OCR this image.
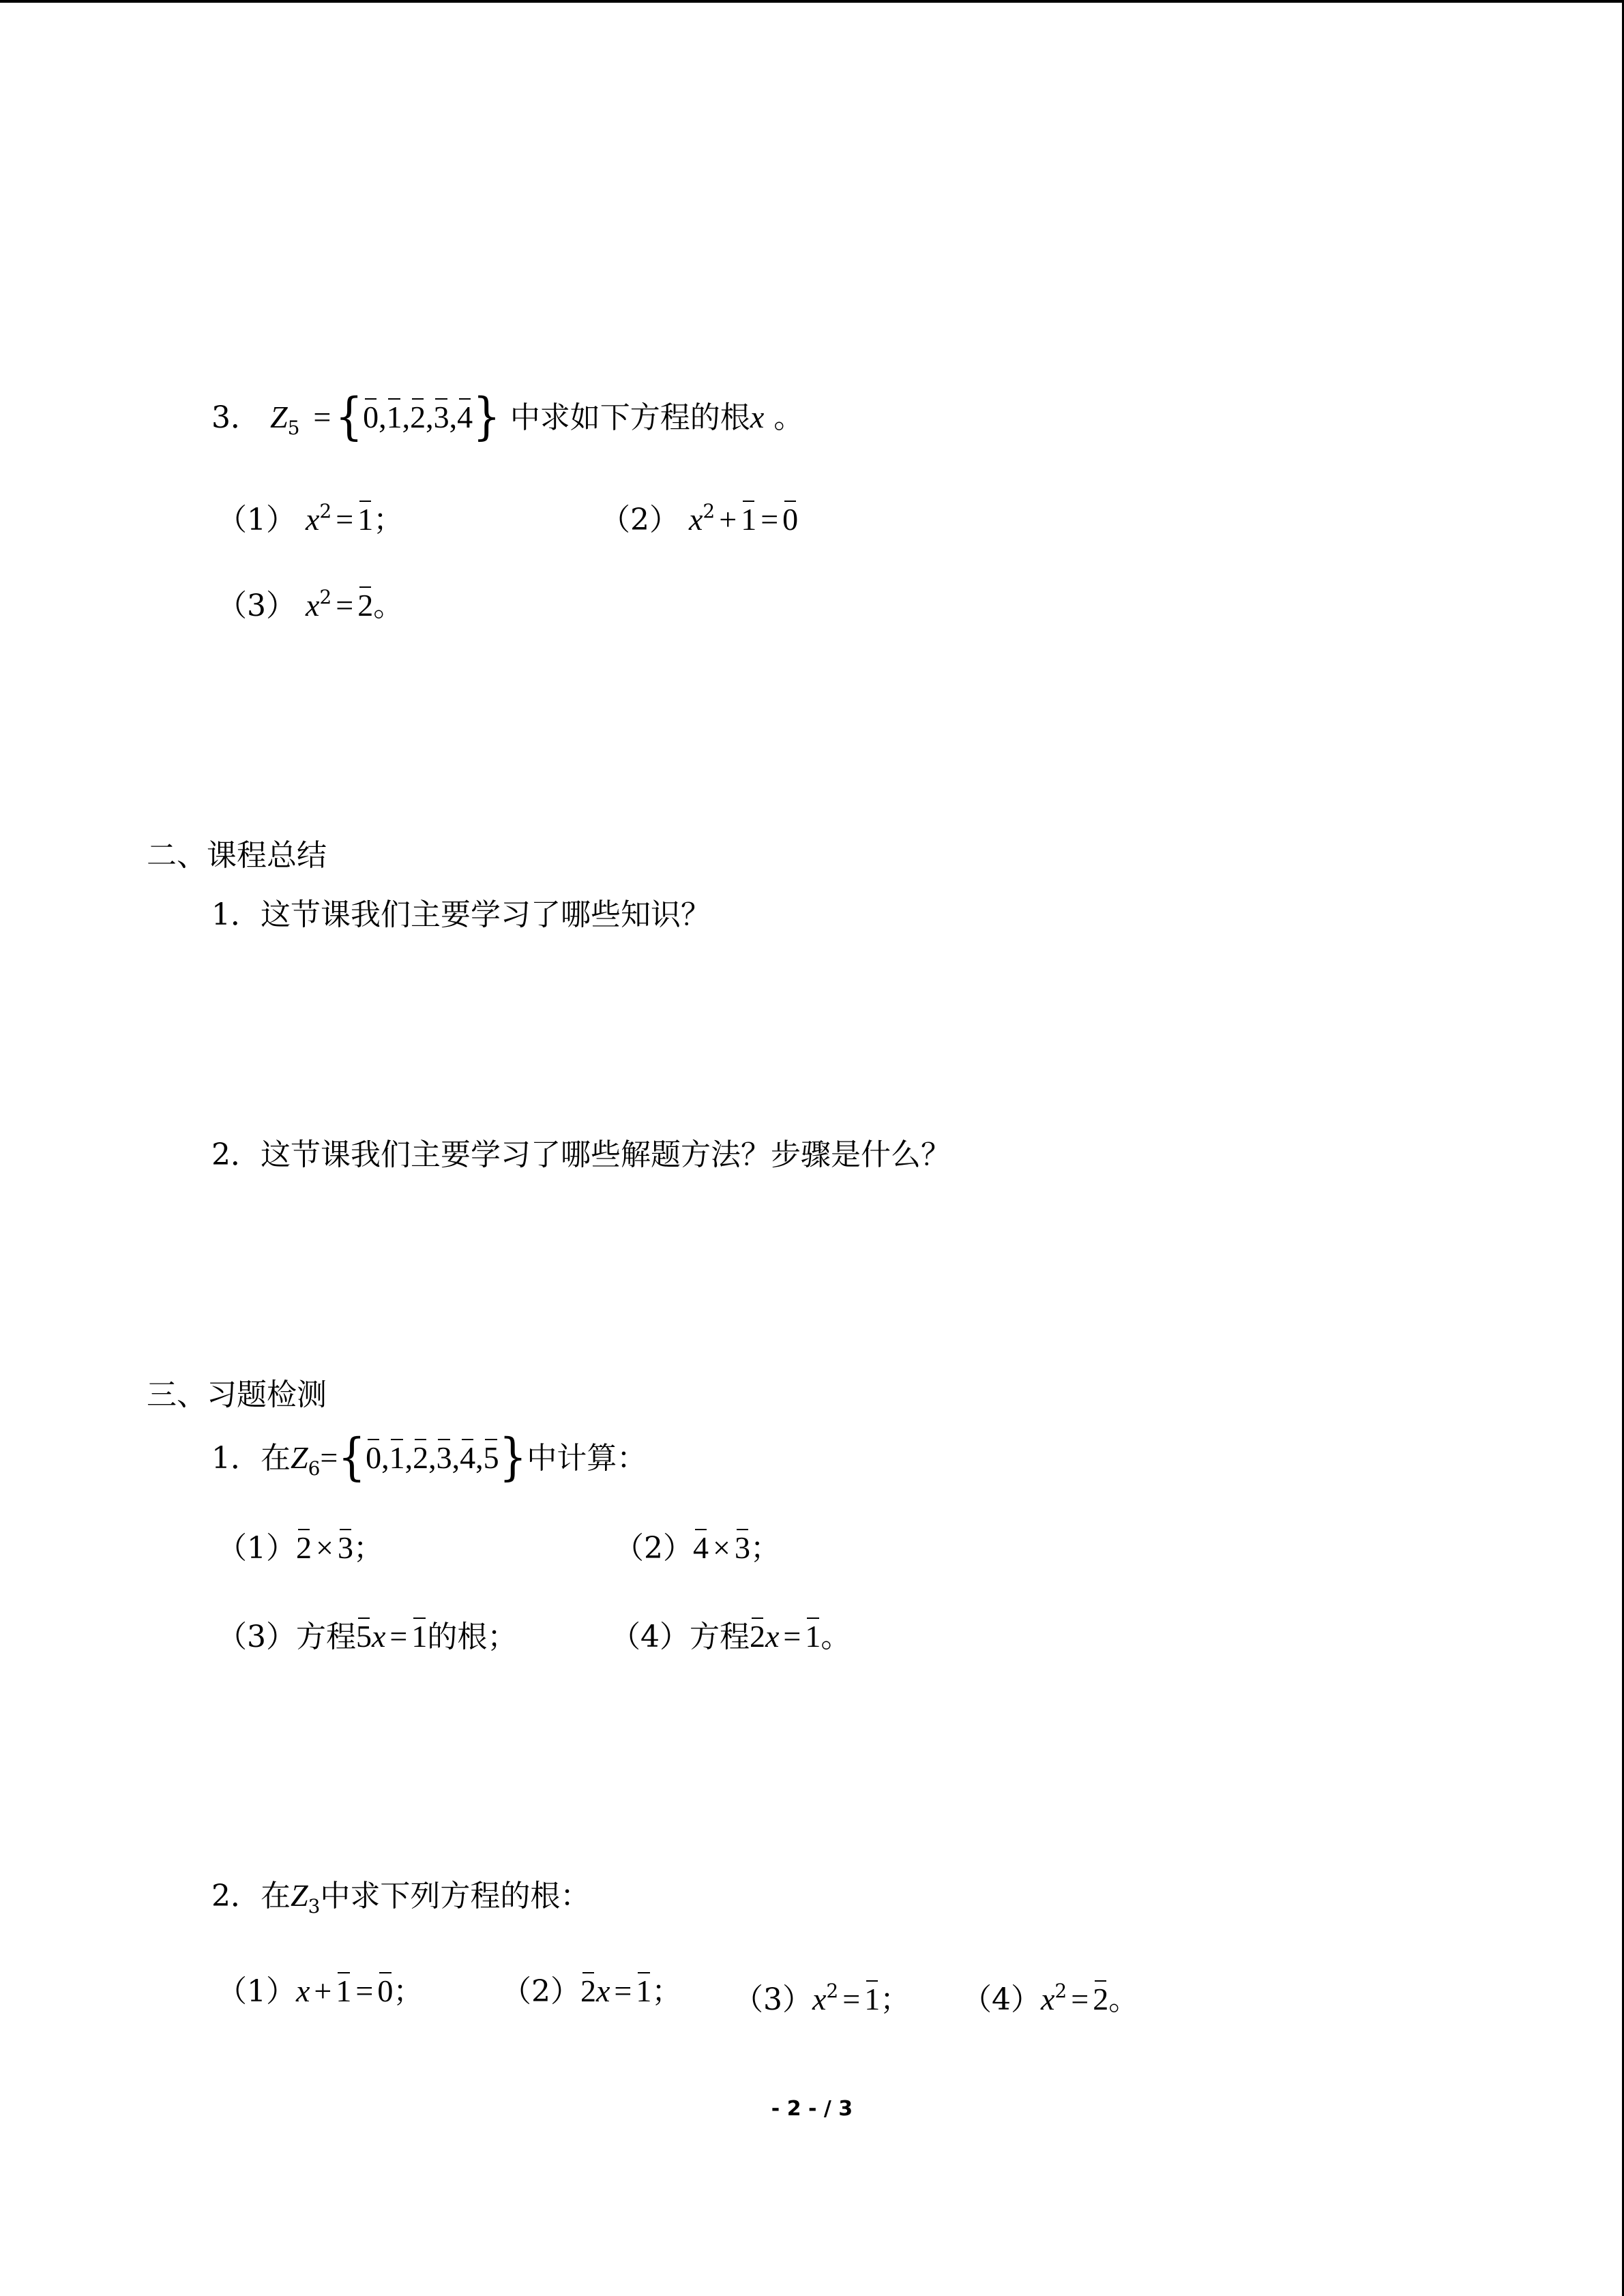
3． $Z_5 =\{0,1,2,3,4\}$ 中求如下方程的根x 。
（1） $x^2 = 1$；	（2） $x^2 + 1 = 0$
（3） $x^2 = 2$。
二、课程总结
1．这节课我们主要学习了哪些知识？
2．这节课我们主要学习了哪些解题方法？步骤是什么？
三、习题检测
1．在$Z_6=\{0,1,2,3,4,5\}$中计算：
（1）2 × 3；	（2）4 × 3；
（3）方程5x = 1的根；	（4）方程2x = 1。
2．在$Z_3$中求下列方程的根：
（1）x + 1 = 0；	（2）2x = 1； $(3)x^2 = 1$； $(4)x^2 = 2$。
- 2 - / 3
